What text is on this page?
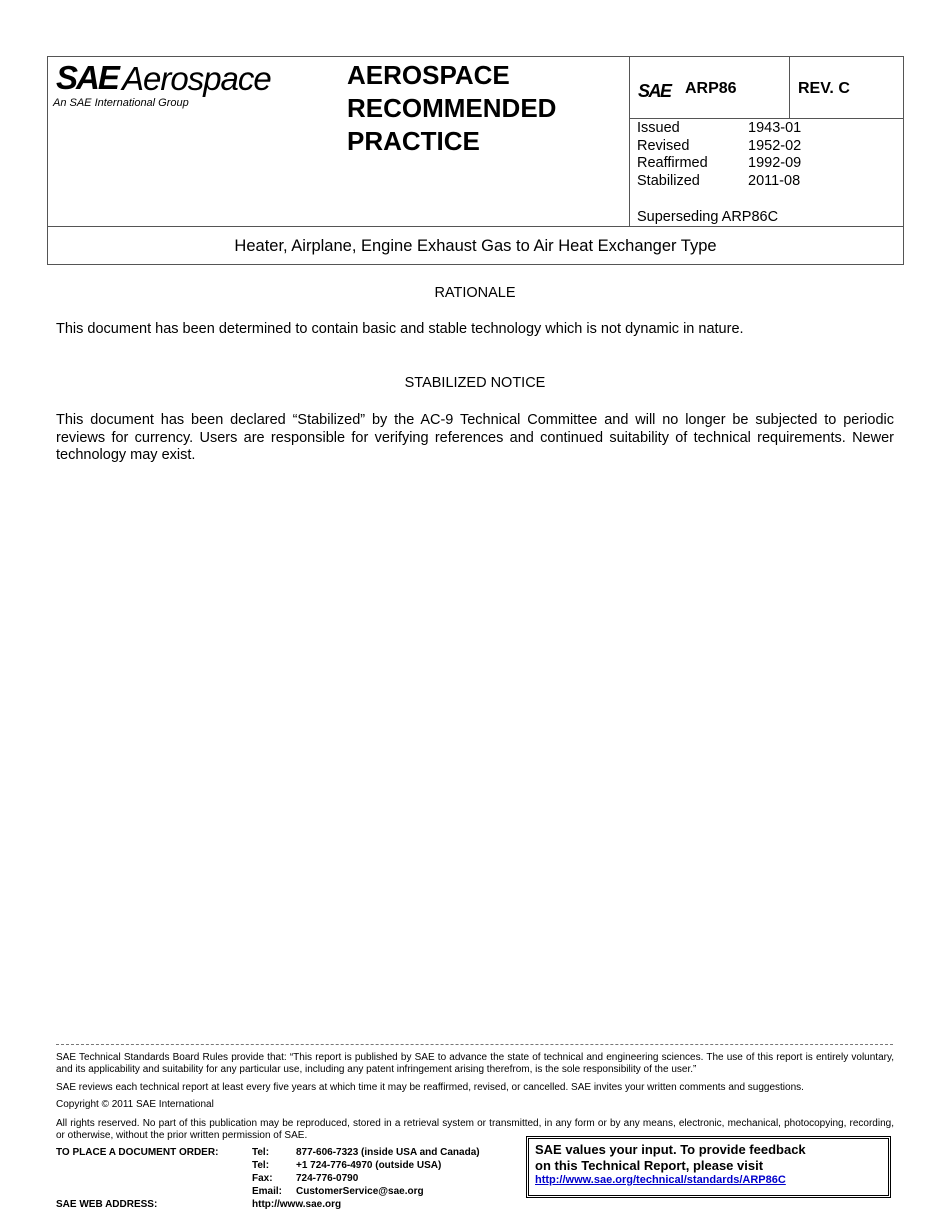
SAE Aerospace
An SAE International Group
AEROSPACE
RECOMMENDED
PRACTICE
SAE ARP86	REV. C
Issued	1943-01
Revised	1952-02
Reaffirmed	1992-09
Stabilized	2011-08
Superseding ARP86C
Heater, Airplane, Engine Exhaust Gas to Air Heat Exchanger Type
RATIONALE
This document has been determined to contain basic and stable technology which is not dynamic in nature.
STABILIZED NOTICE
This document has been declared “Stabilized” by the AC-9 Technical Committee and will no longer be subjected to periodic reviews for currency. Users are responsible for verifying references and continued suitability of technical requirements. Newer technology may exist.
SAE Technical Standards Board Rules provide that: “This report is published by SAE to advance the state of technical and engineering sciences. The use of this report is entirely voluntary, and its applicability and suitability for any particular use, including any patent infringement arising therefrom, is the sole responsibility of the user.”
SAE reviews each technical report at least every five years at which time it may be reaffirmed, revised, or cancelled. SAE invites your written comments and suggestions.
Copyright © 2011 SAE International
All rights reserved. No part of this publication may be reproduced, stored in a retrieval system or transmitted, in any form or by any means, electronic, mechanical, photocopying, recording, or otherwise, without the prior written permission of SAE.
TO PLACE A DOCUMENT ORDER:	Tel:	877-606-7323 (inside USA and Canada)
Tel:	+1 724-776-4970 (outside USA)
Fax: 724-776-0790
Email: CustomerService@sae.org
SAE WEB ADDRESS:	http://www.sae.org
SAE values your input. To provide feedback
on this Technical Report, please visit
http://www.sae.org/technical/standards/ARP86C
